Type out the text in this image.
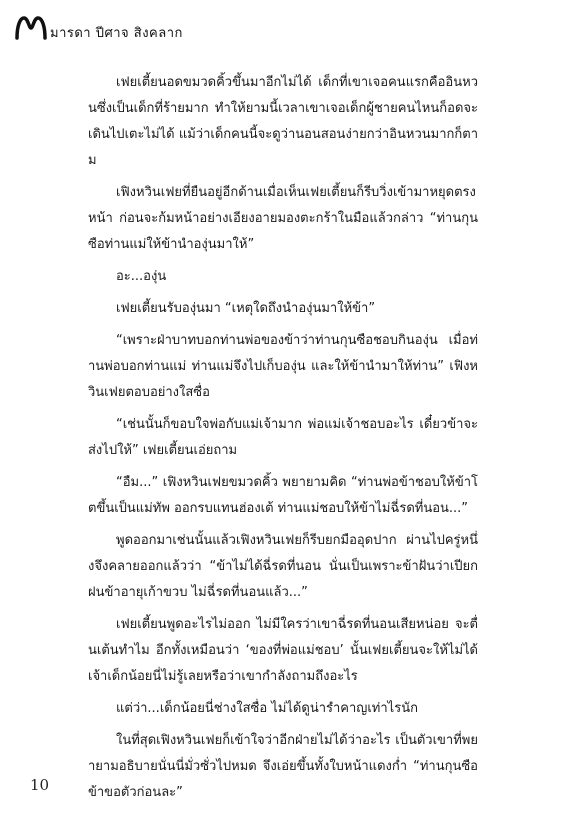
มารดา ปีศาจ สิงคลาก

เฟยเตี้ยนอดขมวดคิ้วขึ้นมาอีกไม่ได้ เด็กที่เขาเจอคนแรกคืออินหวนซึ่งเป็นเด็กที่ร้ายมาก ทำให้ยามนี้เวลาเขาเจอเด็กผู้ชายคนไหนก็อดจะเดินไปเตะไม่ได้ แม้ว่าเด็กคนนี้จะดูว่านอนสอนง่ายกว่าอินหวนมากก็ตาม

เฟิงหวินเฟยที่ยืนอยู่อีกด้านเมื่อเห็นเฟยเตี้ยนก็รีบวิ่งเข้ามาหยุดตรงหน้า ก่อนจะก้มหน้าอย่างเอียงอายมองตะกร้าในมือแล้วกล่าว “ท่านกุนซือท่านแม่ให้ข้านำองุ่นมาให้”

อะ...องุ่น

เฟยเตี้ยนรับองุ่นมา “เหตุใดถึงนำองุ่นมาให้ข้า”

“เพราะฝ่าบาทบอกท่านพ่อของข้าว่าท่านกุนซือชอบกินองุ่น เมื่อท่านพ่อบอกท่านแม่ ท่านแม่จึงไปเก็บองุ่น และให้ข้านำมาให้ท่าน” เฟิงหวินเฟยตอบอย่างใสซื่อ

“เช่นนั้นก็ขอบใจพ่อกับแม่เจ้ามาก พ่อแม่เจ้าชอบอะไร เดี๋ยวข้าจะส่งไปให้” เฟยเตี้ยนเอ่ยถาม

“อืม...” เฟิงหวินเฟยขมวดคิ้ว พยายามคิด “ท่านพ่อข้าชอบให้ข้าโตขึ้นเป็นแม่ทัพ ออกรบแทนฮ่องเต้ ท่านแม่ชอบให้ข้าไม่ฉี่รดที่นอน...”

พูดออกมาเช่นนั้นแล้วเฟิงหวินเฟยก็รีบยกมืออุดปาก ผ่านไปครู่หนึ่งจึงคลายออกแล้วว่า “ข้าไม่ได้ฉี่รดที่นอน นั่นเป็นเพราะข้าฝันว่าเปียกฝนข้าอายุเก้าขวบ ไม่ฉี่รดที่นอนแล้ว...”

เฟยเตี้ยนพูดอะไรไม่ออก ไม่มีใครว่าเขาฉี่รดที่นอนเสียหน่อย จะตื่นเต้นทำไม อีกทั้งเหมือนว่า ‘ของที่พ่อแม่ชอบ’ นั้นเฟยเตี้ยนจะให้ไม่ได้ เจ้าเด็กน้อยนี่ไม่รู้เลยหรือว่าเขากำลังถามถึงอะไร

แต่ว่า...เด็กน้อยนี่ช่างใสซื่อ ไม่ได้ดูน่ารำคาญเท่าไรนัก

ในที่สุดเฟิงหวินเฟยก็เข้าใจว่าอีกฝ่ายไม่ได้ว่าอะไร เป็นตัวเขาที่พยายามอธิบายนั่นนี่มั่วซั่วไปหมด จึงเอ่ยขึ้นทั้งใบหน้าแดงก่ำ “ท่านกุนซือข้าขอตัวก่อนละ”

10
